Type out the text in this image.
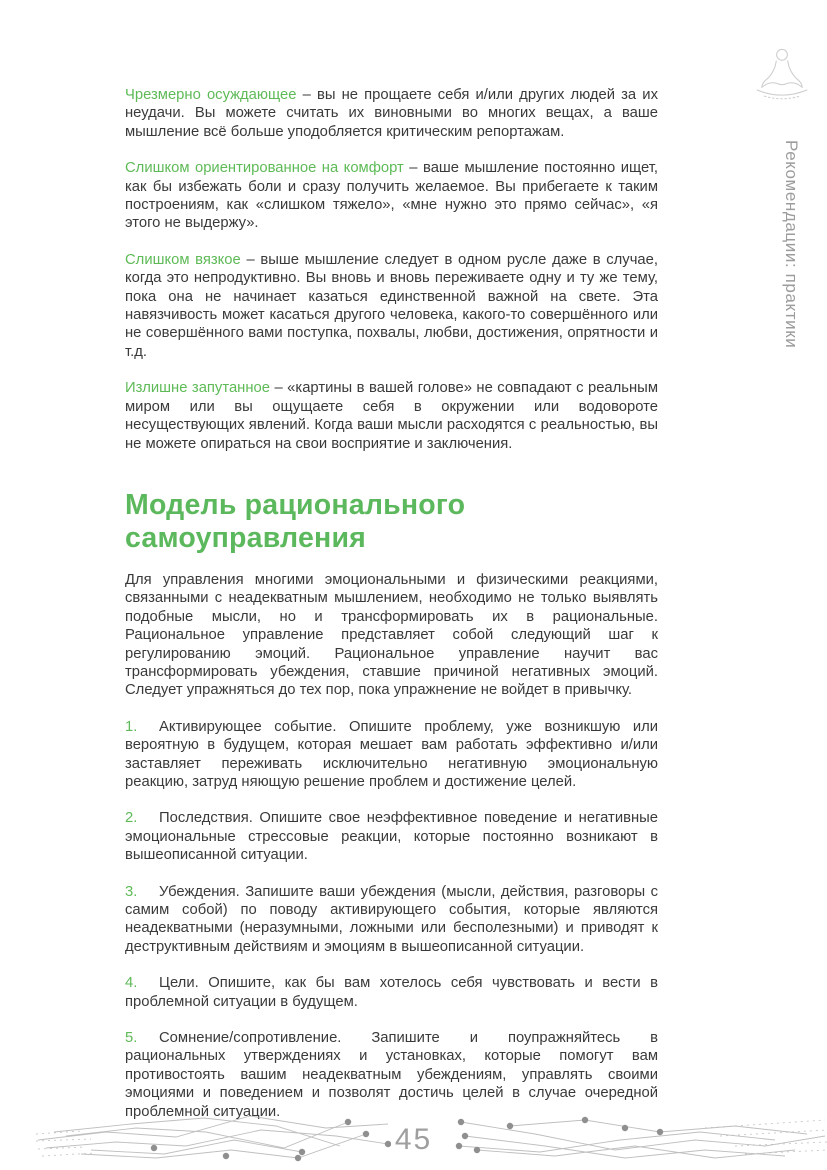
Рекомендации: практики

Чрезмерно осуждающее – вы не прощаете себя и/или других людей за их неудачи. Вы можете считать их виновными во многих вещах, а ваше мышление всё больше уподобляется критическим репортажам.

Слишком ориентированное на комфорт – ваше мышление постоянно ищет, как бы избежать боли и сразу получить желаемое. Вы прибегаете к таким построениям, как «слишком тяжело», «мне нужно это прямо сейчас», «я этого не выдержу».

Слишком вязкое – выше мышление следует в одном русле даже в случае, когда это непродуктивно. Вы вновь и вновь переживаете одну и ту же тему, пока она не начинает казаться единственной важной на свете. Эта навязчивость может касаться другого человека, какого-то совершённого или не совершённого вами поступка, похвалы, любви, достижения, опрятности и т.д.

Излишне запутанное – «картины в вашей голове» не совпадают с реальным миром или вы ощущаете себя в окружении или водовороте несуществующих явлений. Когда ваши мысли расходятся с реальностью, вы не можете опираться на свои восприятие и заключения.

Модель рационального самоуправления

Для управления многими эмоциональными и физическими реакциями, связанными с неадекватным мышлением, необходимо не только выявлять подобные мысли, но и трансформировать их в рациональные. Рациональное управление представляет собой следующий шаг к регулированию эмоций. Рациональное управление научит вас трансформировать убеждения, ставшие причиной негативных эмоций. Следует упражняться до тех пор, пока упражнение не войдет в привычку.

1. Активирующее событие. Опишите проблему, уже возникшую или вероятную в будущем, которая мешает вам работать эффективно и/или заставляет переживать исключительно негативную эмоциональную реакцию, затруд няющую решение проблем и достижение целей.

2. Последствия. Опишите свое неэффективное поведение и негативные эмоциональные стрессовые реакции, которые постоянно возникают в вышеописанной ситуации.

3. Убеждения. Запишите ваши убеждения (мысли, действия, разговоры с самим собой) по поводу активирующего события, которые являются неадекватными (неразумными, ложными или бесполезными) и приводят к деструктивным действиям и эмоциям в вышеописанной ситуации.

4. Цели. Опишите, как бы вам хотелось себя чувствовать и вести в проблемной ситуации в будущем.

5. Сомнение/сопротивление. Запишите и поупражняйтесь в рациональных утверждениях и установках, которые помогут вам противостоять вашим неадекватным убеждениям, управлять своими эмоциями и поведением и позволят достичь целей в случае очередной проблемной ситуации.

45
